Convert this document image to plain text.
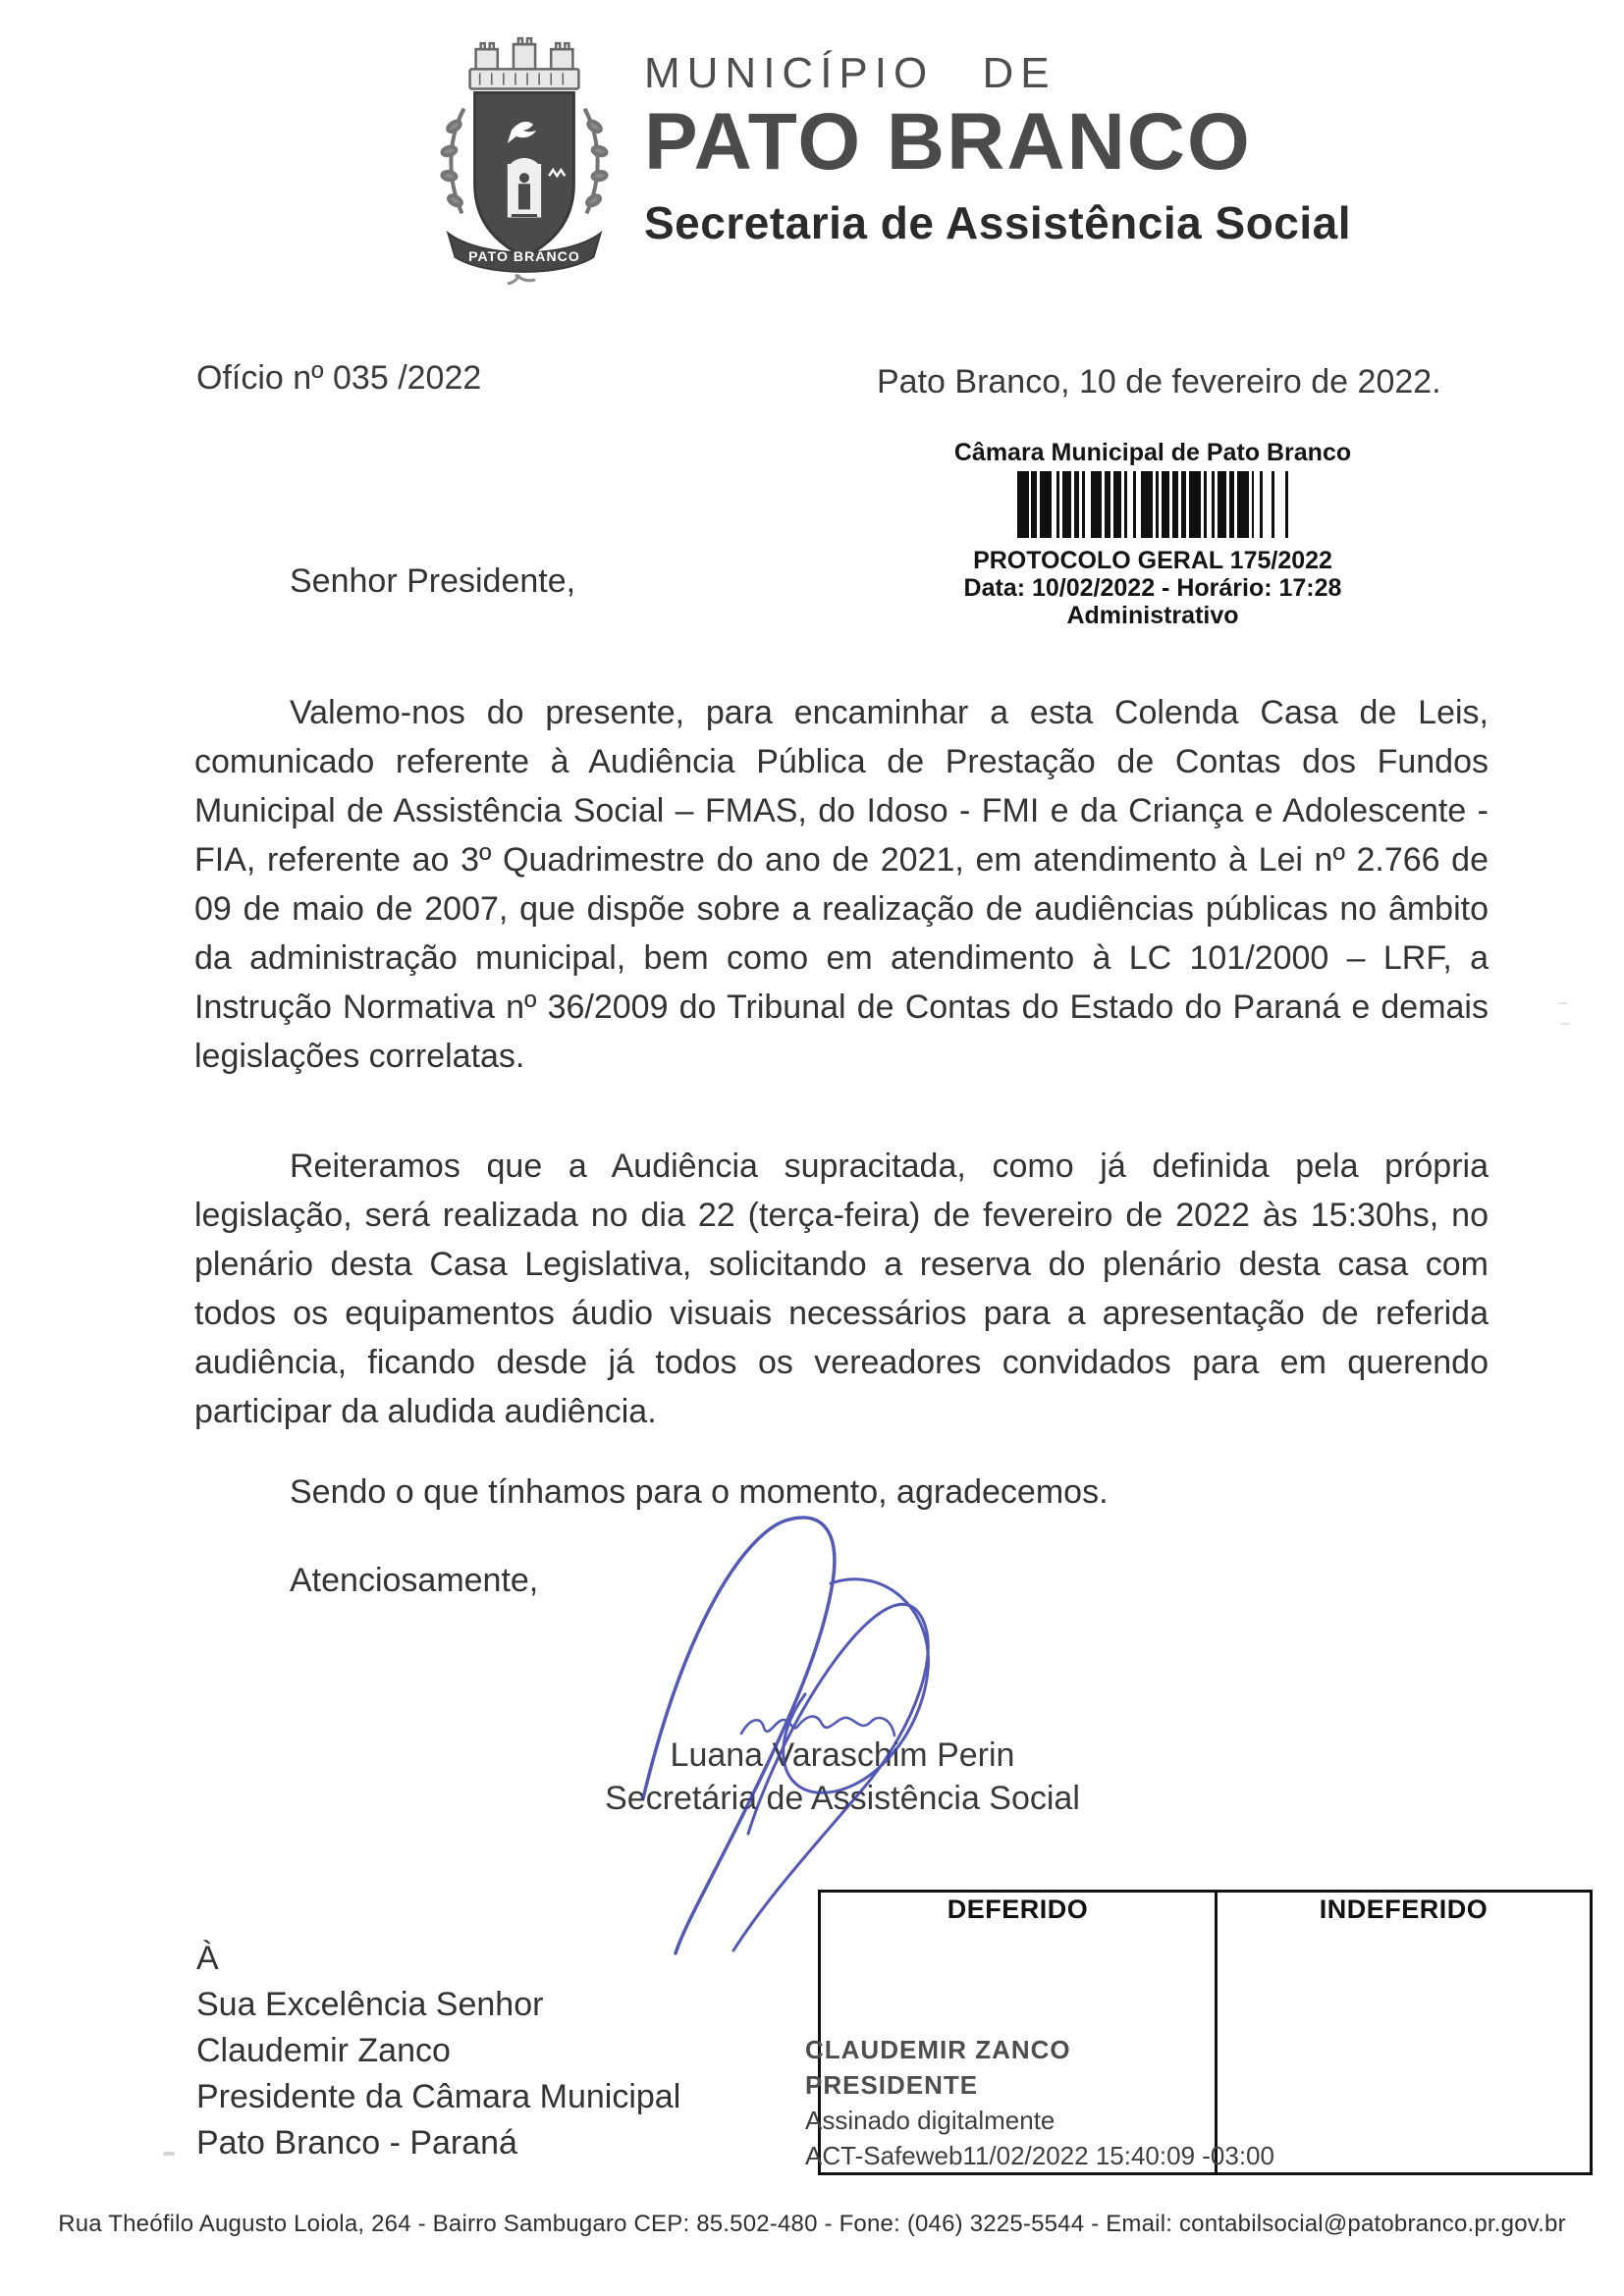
PATO BRANCO
MUNICÍPIO DE
PATO BRANCO
Secretaria de Assistência Social
Ofício nº 035 /2022	Pato Branco, 10 de fevereiro de 2022.
Câmara Municipal de Pato Branco
PROTOCOLO GERAL 175/2022
Data: 10/02/2022 - Horário: 17:28
Administrativo
Senhor Presidente,

Valemo-nos do presente, para encaminhar a esta Colenda Casa de Leis, comunicado referente à Audiência Pública de Prestação de Contas dos Fundos Municipal de Assistência Social – FMAS, do Idoso - FMI e da Criança e Adolescente - FIA, referente ao 3º Quadrimestre do ano de 2021, em atendimento à Lei nº 2.766 de 09 de maio de 2007, que dispõe sobre a realização de audiências públicas no âmbito da administração municipal, bem como em atendimento à LC 101/2000 – LRF, a Instrução Normativa nº 36/2009 do Tribunal de Contas do Estado do Paraná e demais legislações correlatas.

Reiteramos que a Audiência supracitada, como já definida pela própria legislação, será realizada no dia 22 (terça-feira) de fevereiro de 2022 às 15:30hs, no plenário desta Casa Legislativa, solicitando a reserva do plenário desta casa com todos os equipamentos áudio visuais necessários para a apresentação de referida audiência, ficando desde já todos os vereadores convidados para em querendo participar da aludida audiência.

Sendo o que tínhamos para o momento, agradecemos.

Atenciosamente,
Luana Varaschim Perin
Secretária de Assistência Social
À
Sua Excelência Senhor
Claudemir Zanco
Presidente da Câmara Municipal
Pato Branco - Paraná
DEFERIDO	INDEFERIDO
CLAUDEMIR ZANCO
PRESIDENTE
Assinado digitalmente
ACT-Safeweb11/02/2022 15:40:09 -03:00
Rua Theófilo Augusto Loiola, 264 - Bairro Sambugaro CEP: 85.502-480 - Fone: (046) 3225-5544 - Email: contabilsocial@patobranco.pr.gov.br
~
~
